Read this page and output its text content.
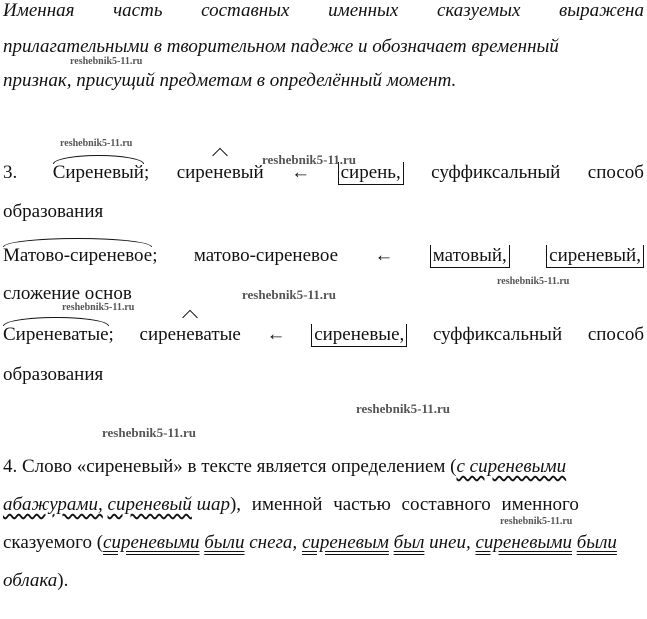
Именная часть составных именных сказуемых выражена
прилагательными в творительном падеже и обозначает временный
признак, присущий предметам в определённый момент.
3. Сиреневый; сиреневый ← сирень, суффиксальный способ
образования
Матово-сиреневое; матово-сиреневое ← матовый, сиреневый,
сложение основ
Сиреневатые; сиреневатые ← сиреневые, суффиксальный способ
образования
4. Слово «сиреневый» в тексте является определением (с сиреневыми
абажурами, сиреневый шар), именной частью составного именного
сказуемого (сиреневыми были снега, сиреневым был инеи, сиреневыми были
облака).
reshebnik5-11.ru
reshebnik5-11.ru
reshebnik5-11.ru
reshebnik5-11.ru
reshebnik5-11.ru
reshebnik5-11.ru
reshebnik5-11.ru
reshebnik5-11.ru
reshebnik5-11.ru
